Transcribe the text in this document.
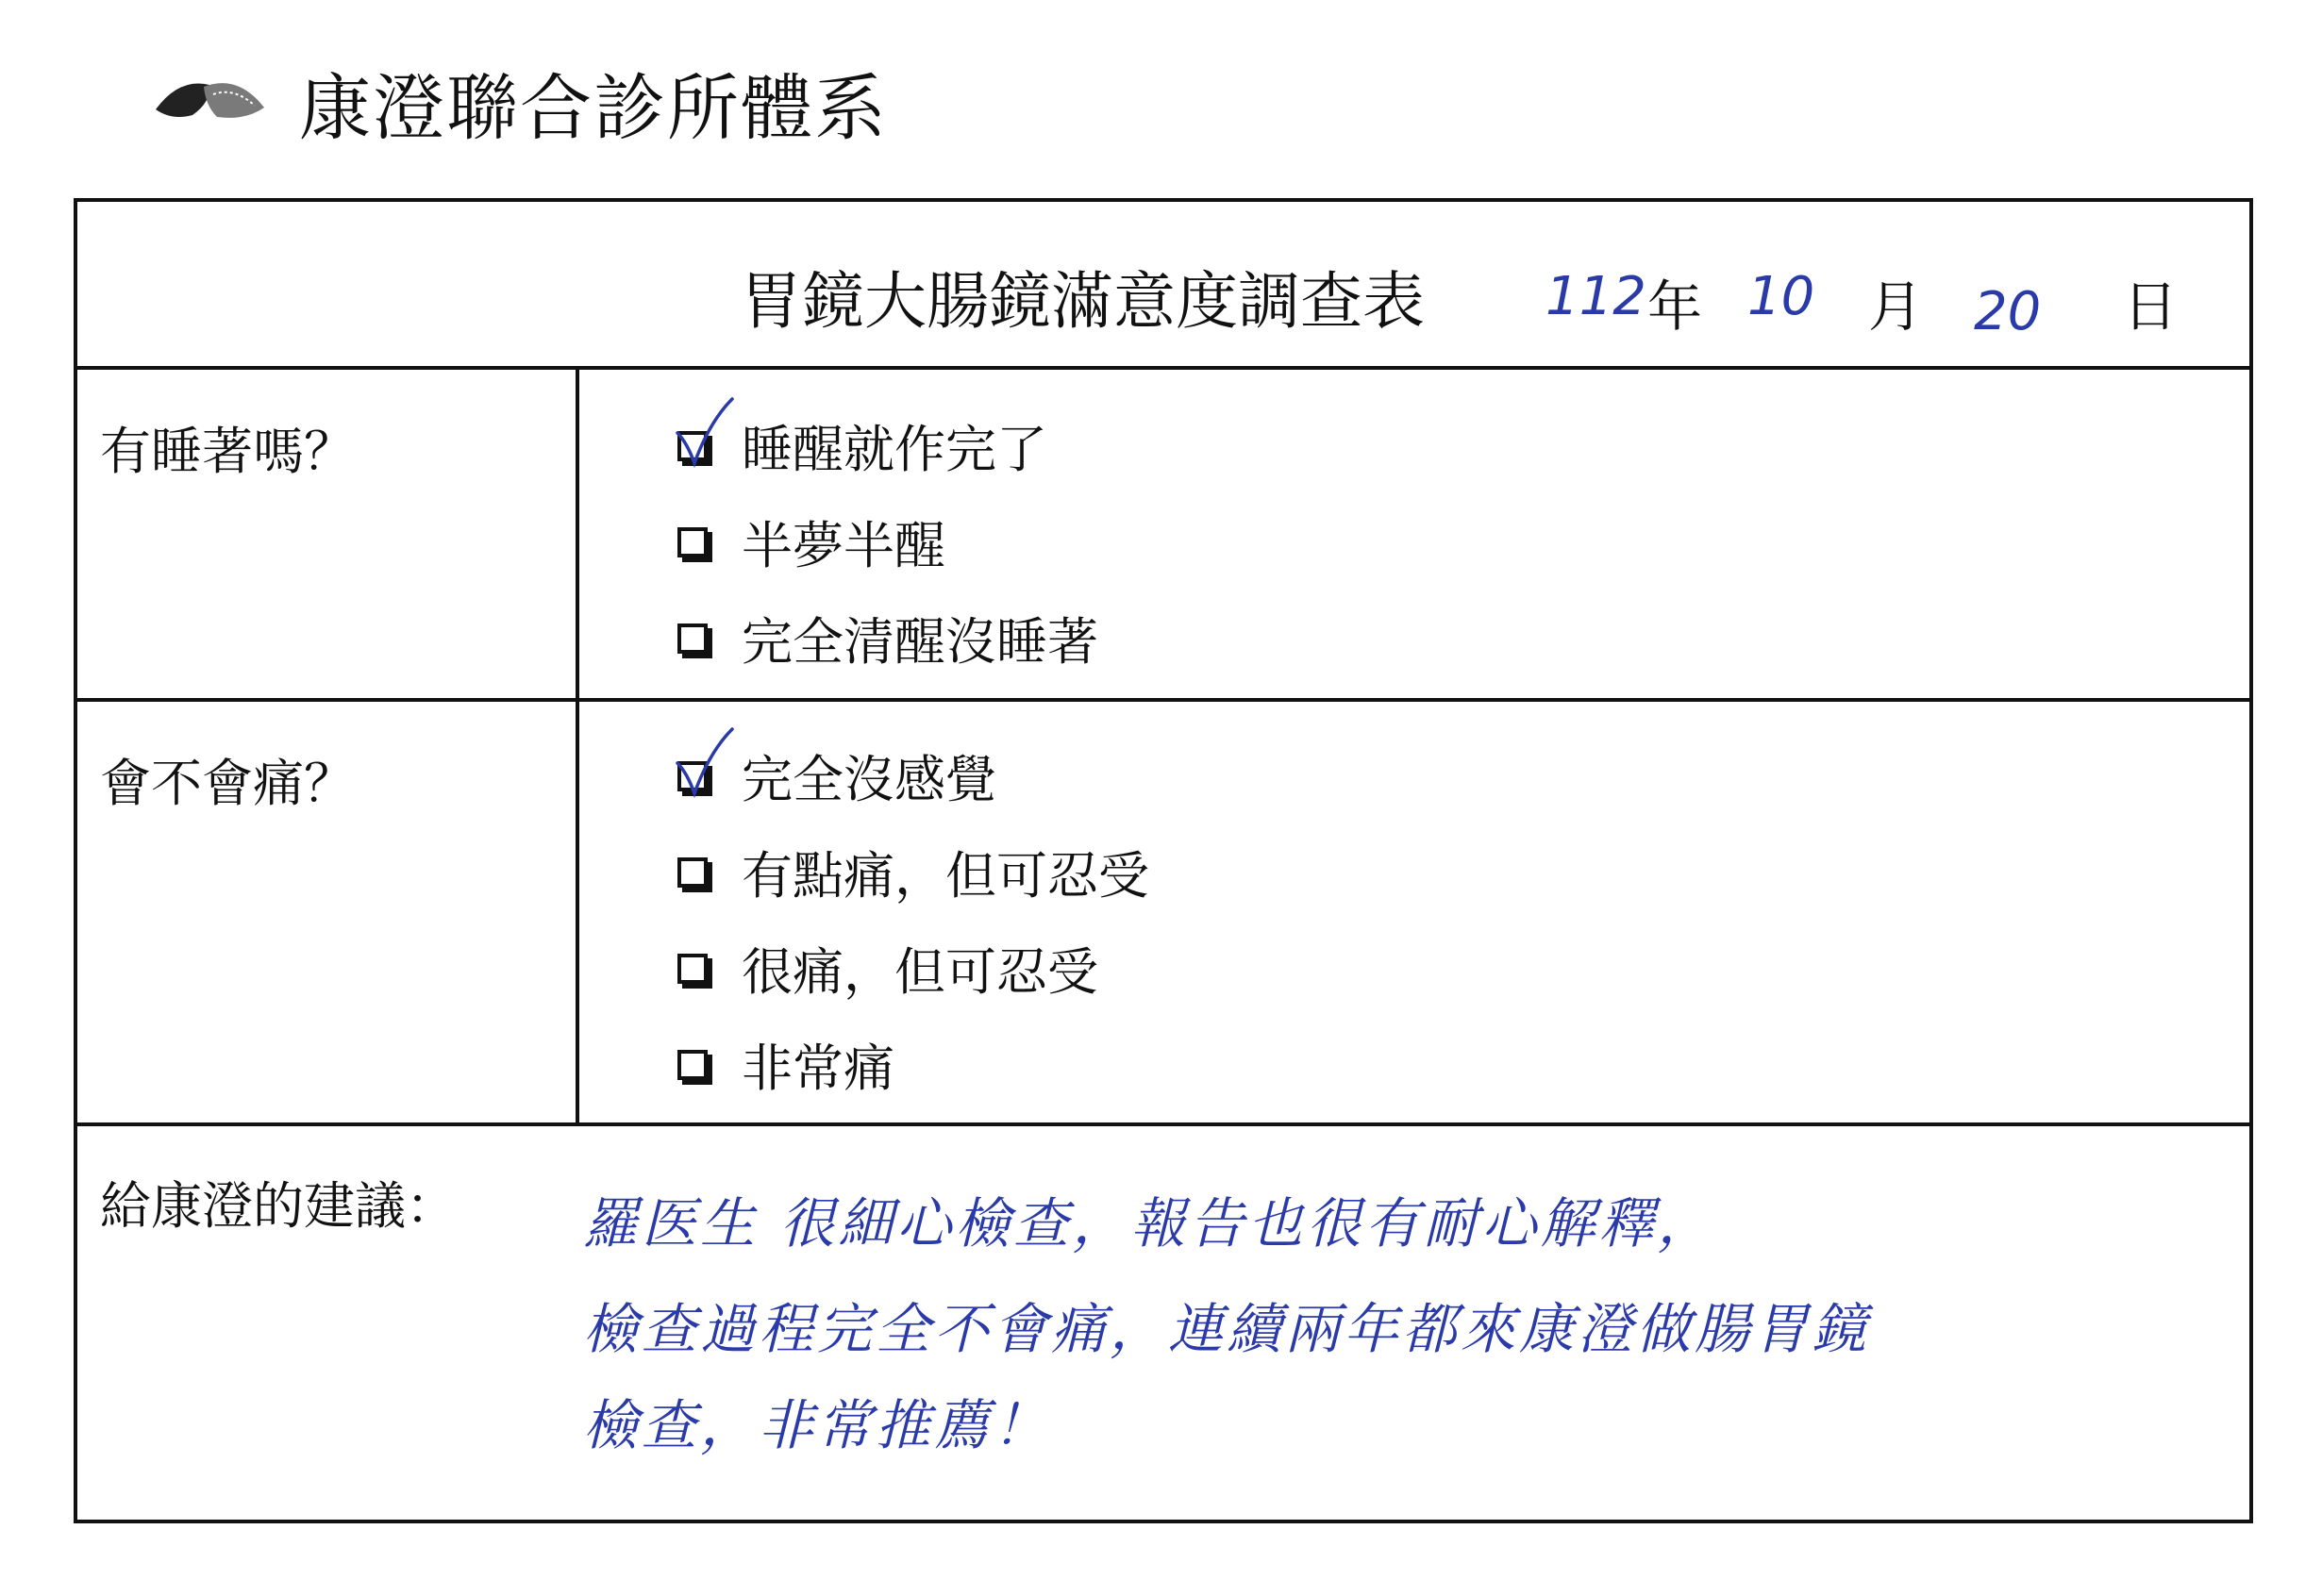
康澄聯合診所體系
胃鏡大腸鏡滿意度調查表 112 年 10 月 20 日
有睡著嗎？	睡醒就作完了
半夢半醒
完全清醒沒睡著
會不會痛？	完全沒感覺
有點痛，但可忍受
很痛，但可忍受
非常痛
給康澄的建議： 羅医生 很細心檢查，報告也很有耐心解釋，
檢查過程完全不會痛，連續兩年都來康澄做腸胃鏡
檢查，非常推薦！
